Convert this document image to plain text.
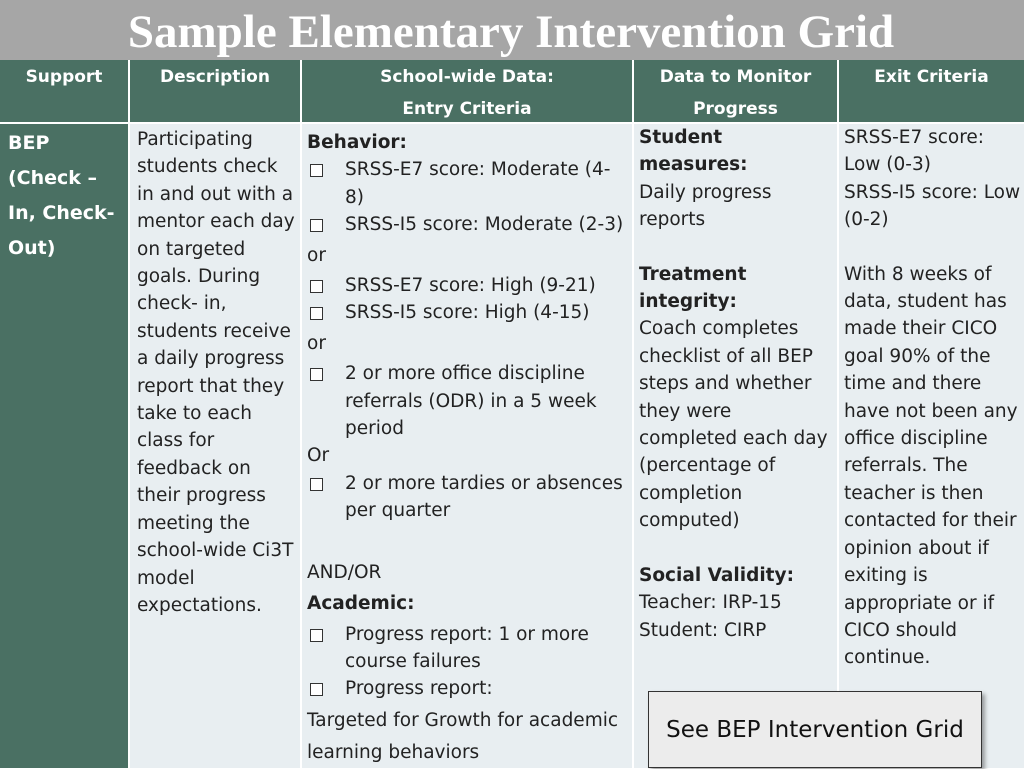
Sample Elementary Intervention Grid
Support	Description	School-wide Data:
Entry Criteria
Data to Monitor
Progress
Exit Criteria
BEP
(Check –
In, Check-
Out)
Participating students check in and out with a mentor each day on targeted goals. During check- in, students receive a daily progress report that they take to each class for feedback on their progress meeting the school-wide Ci3T model expectations.
Behavior:
SRSS-E7 score: Moderate (4-8)
SRSS-I5 score: Moderate (2-3)
or
SRSS-E7 score: High (9-21)
SRSS-I5 score: High (4-15)
or
2 or more office discipline referrals (ODR) in a 5 week period
Or
2 or more tardies or absences per quarter
AND/OR
Academic:
Progress report: 1 or more course failures
Progress report:
Targeted for Growth for academic learning behaviors
Student measures:
Daily progress reports
Treatment integrity:
Coach completes checklist of all BEP steps and whether they were completed each day (percentage of completion computed)
Social Validity:
Teacher: IRP-15
Student: CIRP
SRSS-E7 score:
Low (0-3)
SRSS-I5 score: Low (0-2)
With 8 weeks of data, student has made their CICO goal 90% of the time and there have not been any office discipline referrals. The teacher is then contacted for their opinion about if exiting is appropriate or if CICO should continue.
See BEP Intervention Grid
